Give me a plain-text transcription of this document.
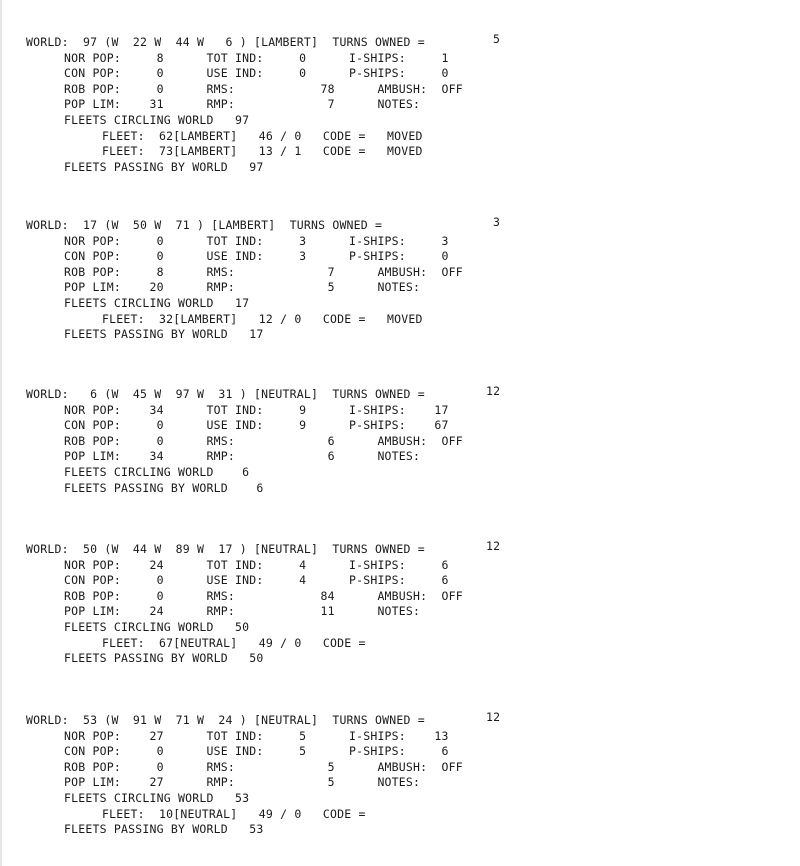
WORLD:  97 (W  22 W  44 W   6 ) [LAMBERT]  TURNS OWNED =	5
NOR POP:     8      TOT IND:     0      I-SHIPS:     1
CON POP:     0      USE IND:     0      P-SHIPS:     0
ROB POP:     0      RMS:            78      AMBUSH:  OFF
POP LIM:    31      RMP:             7      NOTES:
FLEETS CIRCLING WORLD   97
FLEET:  62[LAMBERT]   46 / 0   CODE =   MOVED
FLEET:  73[LAMBERT]   13 / 1   CODE =   MOVED
FLEETS PASSING BY WORLD   97
WORLD:  17 (W  50 W  71 ) [LAMBERT]  TURNS OWNED =	3
NOR POP:     0      TOT IND:     3      I-SHIPS:     3
CON POP:     0      USE IND:     3      P-SHIPS:     0
ROB POP:     8      RMS:             7      AMBUSH:  OFF
POP LIM:    20      RMP:             5      NOTES:
FLEETS CIRCLING WORLD   17
FLEET:  32[LAMBERT]   12 / 0   CODE =   MOVED
FLEETS PASSING BY WORLD   17
WORLD:   6 (W  45 W  97 W  31 ) [NEUTRAL]  TURNS OWNED =	12
NOR POP:    34      TOT IND:     9      I-SHIPS:    17
CON POP:     0      USE IND:     9      P-SHIPS:    67
ROB POP:     0      RMS:             6      AMBUSH:  OFF
POP LIM:    34      RMP:             6      NOTES:
FLEETS CIRCLING WORLD    6
FLEETS PASSING BY WORLD    6
WORLD:  50 (W  44 W  89 W  17 ) [NEUTRAL]  TURNS OWNED =	12
NOR POP:    24      TOT IND:     4      I-SHIPS:     6
CON POP:     0      USE IND:     4      P-SHIPS:     6
ROB POP:     0      RMS:            84      AMBUSH:  OFF
POP LIM:    24      RMP:            11      NOTES:
FLEETS CIRCLING WORLD   50
FLEET:  67[NEUTRAL]   49 / 0   CODE =
FLEETS PASSING BY WORLD   50
WORLD:  53 (W  91 W  71 W  24 ) [NEUTRAL]  TURNS OWNED =	12
NOR POP:    27      TOT IND:     5      I-SHIPS:    13
CON POP:     0      USE IND:     5      P-SHIPS:     6
ROB POP:     0      RMS:             5      AMBUSH:  OFF
POP LIM:    27      RMP:             5      NOTES:
FLEETS CIRCLING WORLD   53
FLEET:  10[NEUTRAL]   49 / 0   CODE =
FLEETS PASSING BY WORLD   53
